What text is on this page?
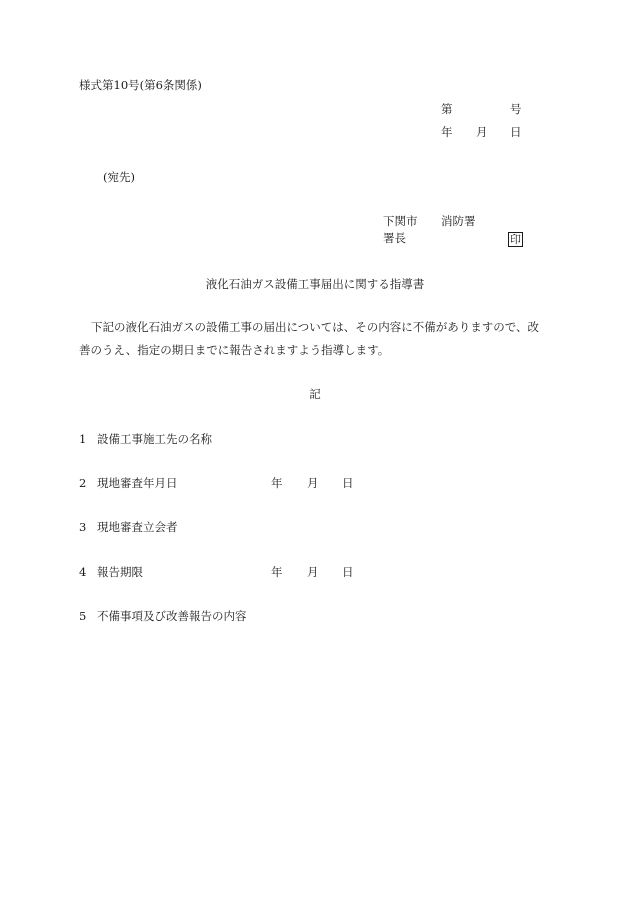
様式第10号(第6条関係)
第	号
年 月 日
(宛先)
下関市 消防署
署長	印
液化石油ガス設備工事届出に関する指導書

下記の液化石油ガスの設備工事の届出については、その内容に不備がありますので、改善のうえ、指定の期日までに報告されますよう指導します。

記
1 設備工事施工先の名称
2 現地審査年月日	年 月 日
3 現地審査立会者
4 報告期限	年 月 日
5 不備事項及び改善報告の内容
